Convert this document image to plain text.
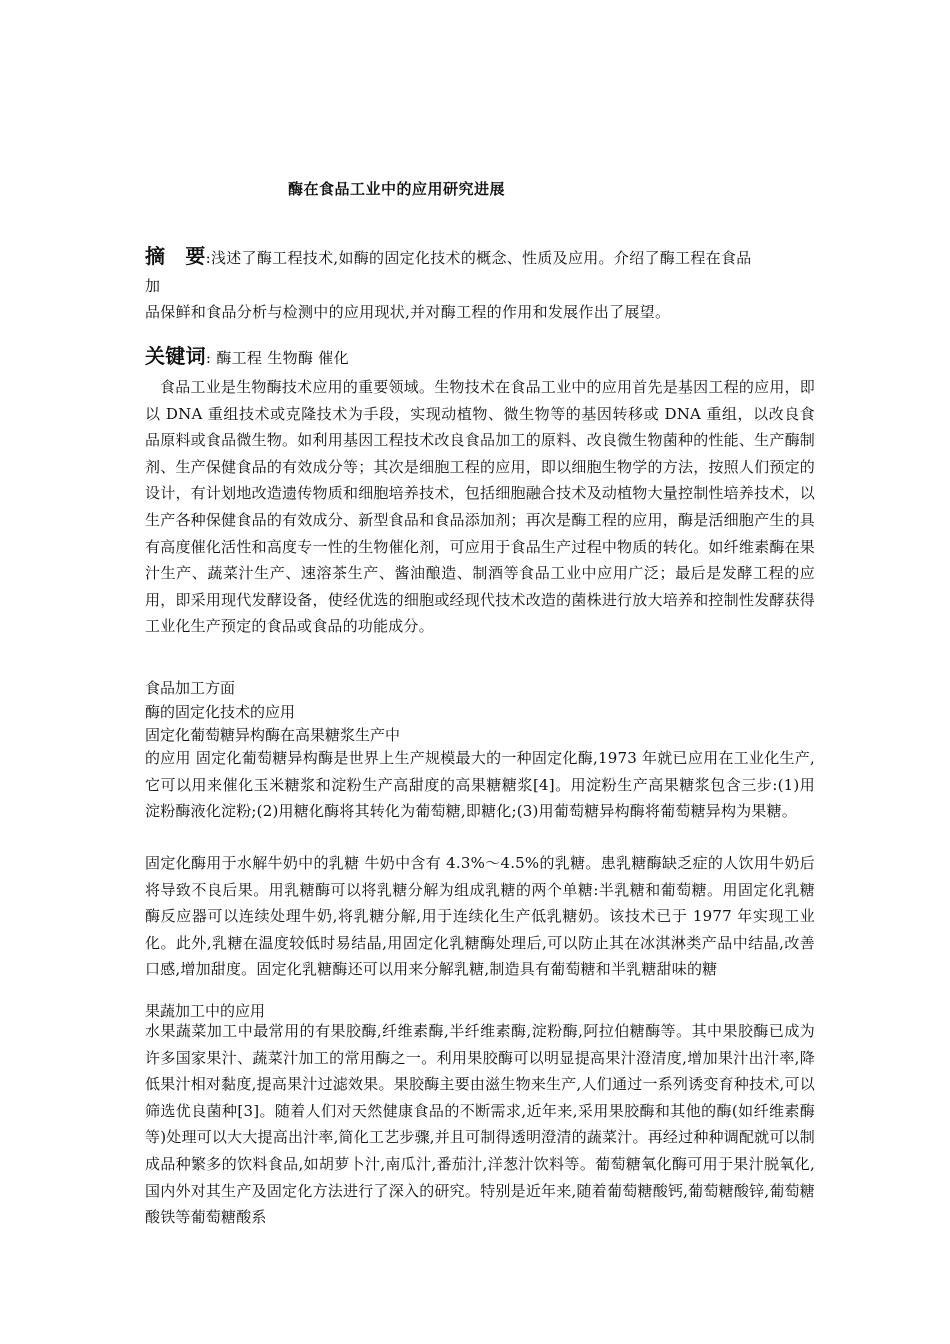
酶在食品工业中的应用研究进展
摘 要:浅述了酶工程技术,如酶的固定化技术的概念、性质及应用。介绍了酶工程在食品
加
品保鲜和食品分析与检测中的应用现状,并对酶工程的作用和发展作出了展望。
关键词: 酶工程 生物酶 催化
食品工业是生物酶技术应用的重要领域。生物技术在食品工业中的应用首先是基因工程的应用，即以 DNA 重组技术或克隆技术为手段，实现动植物、微生物等的基因转移或 DNA 重组，以改良食品原料或食品微生物。如利用基因工程技术改良食品加工的原料、改良微生物菌种的性能、生产酶制剂、生产保健食品的有效成分等；其次是细胞工程的应用，即以细胞生物学的方法，按照人们预定的设计，有计划地改造遗传物质和细胞培养技术，包括细胞融合技术及动植物大量控制性培养技术，以生产各种保健食品的有效成分、新型食品和食品添加剂；再次是酶工程的应用，酶是活细胞产生的具有高度催化活性和高度专一性的生物催化剂，可应用于食品生产过程中物质的转化。如纤维素酶在果汁生产、蔬菜汁生产、速溶茶生产、酱油酿造、制酒等食品工业中应用广泛；最后是发酵工程的应用，即采用现代发酵设备，使经优选的细胞或经现代技术改造的菌株进行放大培养和控制性发酵获得工业化生产预定的食品或食品的功能成分。
食品加工方面
酶的固定化技术的应用
固定化葡萄糖异构酶在高果糖浆生产中
的应用 固定化葡萄糖异构酶是世界上生产规模最大的一种固定化酶,1973 年就已应用在工业化生产,它可以用来催化玉米糖浆和淀粉生产高甜度的高果糖糖浆[4]。用淀粉生产高果糖浆包含三步:(1)用淀粉酶液化淀粉;(2)用糖化酶将其转化为葡萄糖,即糖化;(3)用葡萄糖异构酶将葡萄糖异构为果糖。
固定化酶用于水解牛奶中的乳糖 牛奶中含有 4.3%～4.5%的乳糖。患乳糖酶缺乏症的人饮用牛奶后将导致不良后果。用乳糖酶可以将乳糖分解为组成乳糖的两个单糖:半乳糖和葡萄糖。用固定化乳糖酶反应器可以连续处理牛奶,将乳糖分解,用于连续化生产低乳糖奶。该技术已于 1977 年实现工业化。此外,乳糖在温度较低时易结晶,用固定化乳糖酶处理后,可以防止其在冰淇淋类产品中结晶,改善口感,增加甜度。固定化乳糖酶还可以用来分解乳糖,制造具有葡萄糖和半乳糖甜味的糖
果蔬加工中的应用
水果蔬菜加工中最常用的有果胶酶,纤维素酶,半纤维素酶,淀粉酶,阿拉伯糖酶等。其中果胶酶已成为许多国家果汁、蔬菜汁加工的常用酶之一。利用果胶酶可以明显提高果汁澄清度,增加果汁出汁率,降低果汁相对黏度,提高果汁过滤效果。果胶酶主要由滋生物来生产,人们通过一系列诱变育种技术,可以筛选优良菌种[3]。随着人们对天然健康食品的不断需求,近年来,采用果胶酶和其他的酶(如纤维素酶等)处理可以大大提高出汁率,简化工艺步骤,并且可制得透明澄清的蔬菜汁。再经过种种调配就可以制成品种繁多的饮料食品,如胡萝卜汁,南瓜汁,番茄汁,洋葱汁饮料等。葡萄糖氧化酶可用于果汁脱氧化,国内外对其生产及固定化方法进行了深入的研究。特别是近年来,随着葡萄糖酸钙,葡萄糖酸锌,葡萄糖酸铁等葡萄糖酸系
